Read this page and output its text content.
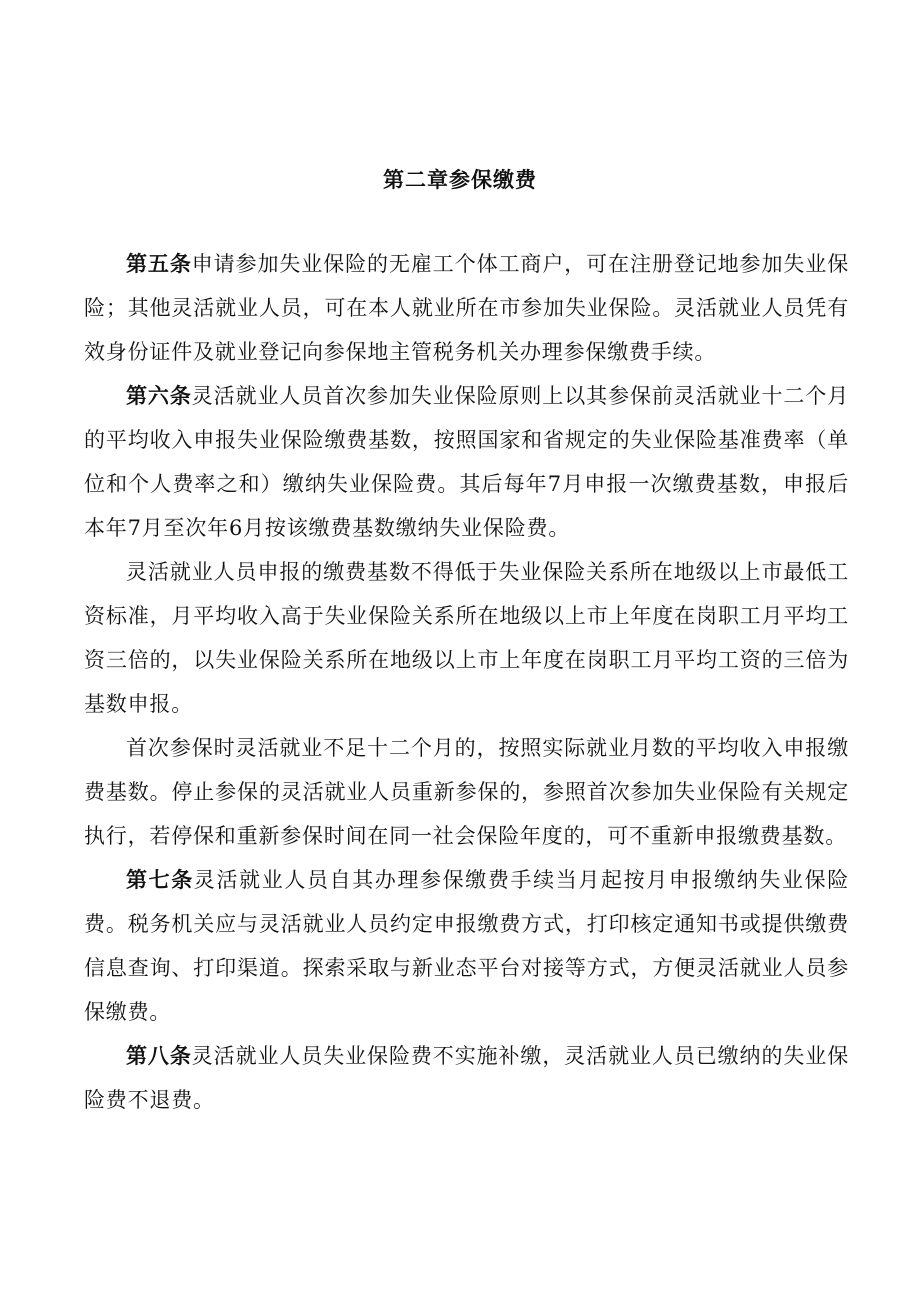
第二章参保缴费

第五条申请参加失业保险的无雇工个体工商户，可在注册登记地参加失业保险；其他灵活就业人员，可在本人就业所在市参加失业保险。灵活就业人员凭有效身份证件及就业登记向参保地主管税务机关办理参保缴费手续。

第六条灵活就业人员首次参加失业保险原则上以其参保前灵活就业十二个月的平均收入申报失业保险缴费基数，按照国家和省规定的失业保险基准费率（单位和个人费率之和）缴纳失业保险费。其后每年7月申报一次缴费基数，申报后本年7月至次年6月按该缴费基数缴纳失业保险费。

灵活就业人员申报的缴费基数不得低于失业保险关系所在地级以上市最低工资标准，月平均收入高于失业保险关系所在地级以上市上年度在岗职工月平均工资三倍的，以失业保险关系所在地级以上市上年度在岗职工月平均工资的三倍为基数申报。

首次参保时灵活就业不足十二个月的，按照实际就业月数的平均收入申报缴费基数。停止参保的灵活就业人员重新参保的，参照首次参加失业保险有关规定执行，若停保和重新参保时间在同一社会保险年度的，可不重新申报缴费基数。

第七条灵活就业人员自其办理参保缴费手续当月起按月申报缴纳失业保险费。税务机关应与灵活就业人员约定申报缴费方式，打印核定通知书或提供缴费信息查询、打印渠道。探索采取与新业态平台对接等方式，方便灵活就业人员参保缴费。

第八条灵活就业人员失业保险费不实施补缴，灵活就业人员已缴纳的失业保险费不退费。
